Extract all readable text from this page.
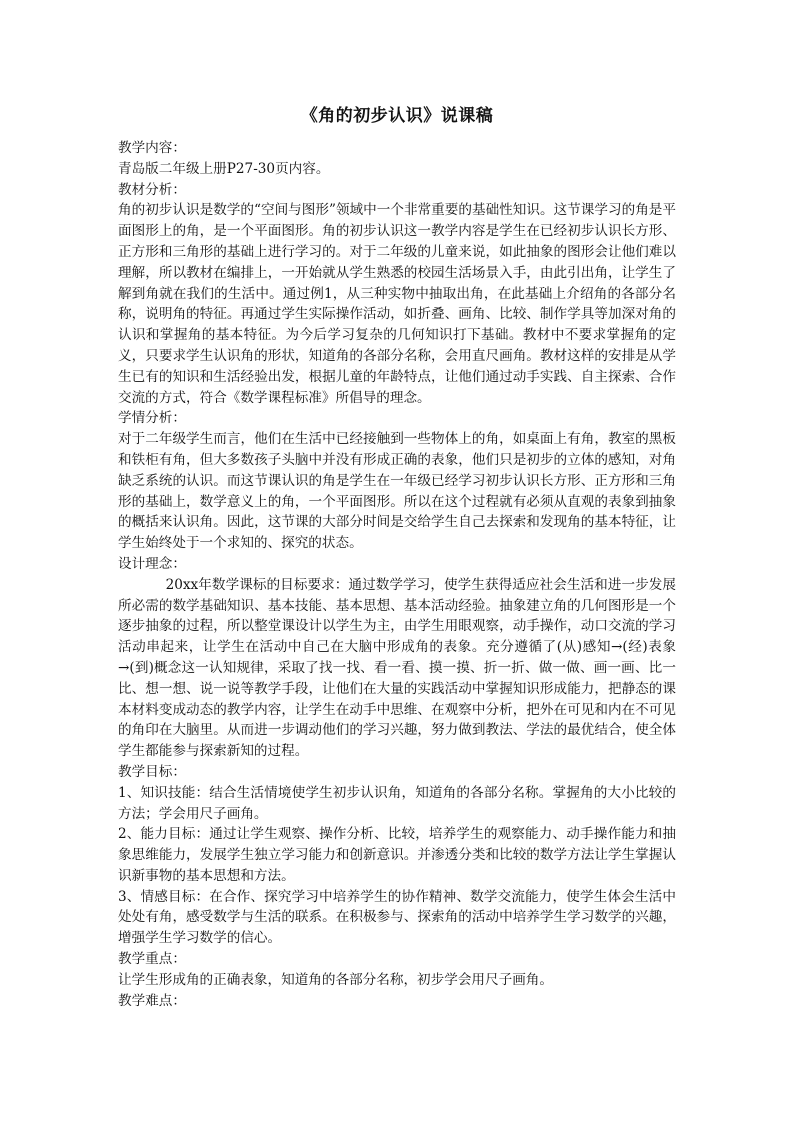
《角的初步认识》说课稿
教学内容：
青岛版二年级上册P27-30页内容。
教材分析：
角的初步认识是数学的“空间与图形”领域中一个非常重要的基础性知识。这节课学习的角是平面图形上的角，是一个平面图形。角的初步认识这一教学内容是学生在已经初步认识长方形、正方形和三角形的基础上进行学习的。对于二年级的儿童来说，如此抽象的图形会让他们难以理解，所以教材在编排上，一开始就从学生熟悉的校园生活场景入手，由此引出角，让学生了解到角就在我们的生活中。通过例1，从三种实物中抽取出角，在此基础上介绍角的各部分名称，说明角的特征。再通过学生实际操作活动，如折叠、画角、比较、制作学具等加深对角的认识和掌握角的基本特征。为今后学习复杂的几何知识打下基础。教材中不要求掌握角的定义，只要求学生认识角的形状，知道角的各部分名称，会用直尺画角。教材这样的安排是从学生已有的知识和生活经验出发，根据儿童的年龄特点，让他们通过动手实践、自主探索、合作交流的方式，符合《数学课程标准》所倡导的理念。
学情分析：
对于二年级学生而言，他们在生活中已经接触到一些物体上的角，如桌面上有角，教室的黑板和铁柜有角，但大多数孩子头脑中并没有形成正确的表象，他们只是初步的立体的感知，对角缺乏系统的认识。而这节课认识的角是学生在一年级已经学习初步认识长方形、正方形和三角形的基础上，数学意义上的角，一个平面图形。所以在这个过程就有必须从直观的表象到抽象的概括来认识角。因此，这节课的大部分时间是交给学生自己去探索和发现角的基本特征，让学生始终处于一个求知的、探究的状态。
设计理念：
20xx年数学课标的目标要求：通过数学学习，使学生获得适应社会生活和进一步发展所必需的数学基础知识、基本技能、基本思想、基本活动经验。抽象建立角的几何图形是一个逐步抽象的过程，所以整堂课设计以学生为主，由学生用眼观察，动手操作，动口交流的学习活动串起来，让学生在活动中自己在大脑中形成角的表象。充分遵循了(从)感知→(经)表象→(到)概念这一认知规律，采取了找一找、看一看、摸一摸、折一折、做一做、画一画、比一比、想一想、说一说等教学手段，让他们在大量的实践活动中掌握知识形成能力，把静态的课本材料变成动态的教学内容，让学生在动手中思维、在观察中分析，把外在可见和内在不可见的角印在大脑里。从而进一步调动他们的学习兴趣，努力做到教法、学法的最优结合，使全体学生都能参与探索新知的过程。
教学目标：
1、知识技能：结合生活情境使学生初步认识角，知道角的各部分名称。掌握角的大小比较的方法；学会用尺子画角。
2、能力目标：通过让学生观察、操作分析、比较，培养学生的观察能力、动手操作能力和抽象思维能力，发展学生独立学习能力和创新意识。并渗透分类和比较的数学方法让学生掌握认识新事物的基本思想和方法。
3、情感目标：在合作、探究学习中培养学生的协作精神、数学交流能力，使学生体会生活中处处有角，感受数学与生活的联系。在积极参与、探索角的活动中培养学生学习数学的兴趣，增强学生学习数学的信心。
教学重点：
让学生形成角的正确表象，知道角的各部分名称，初步学会用尺子画角。
教学难点：
